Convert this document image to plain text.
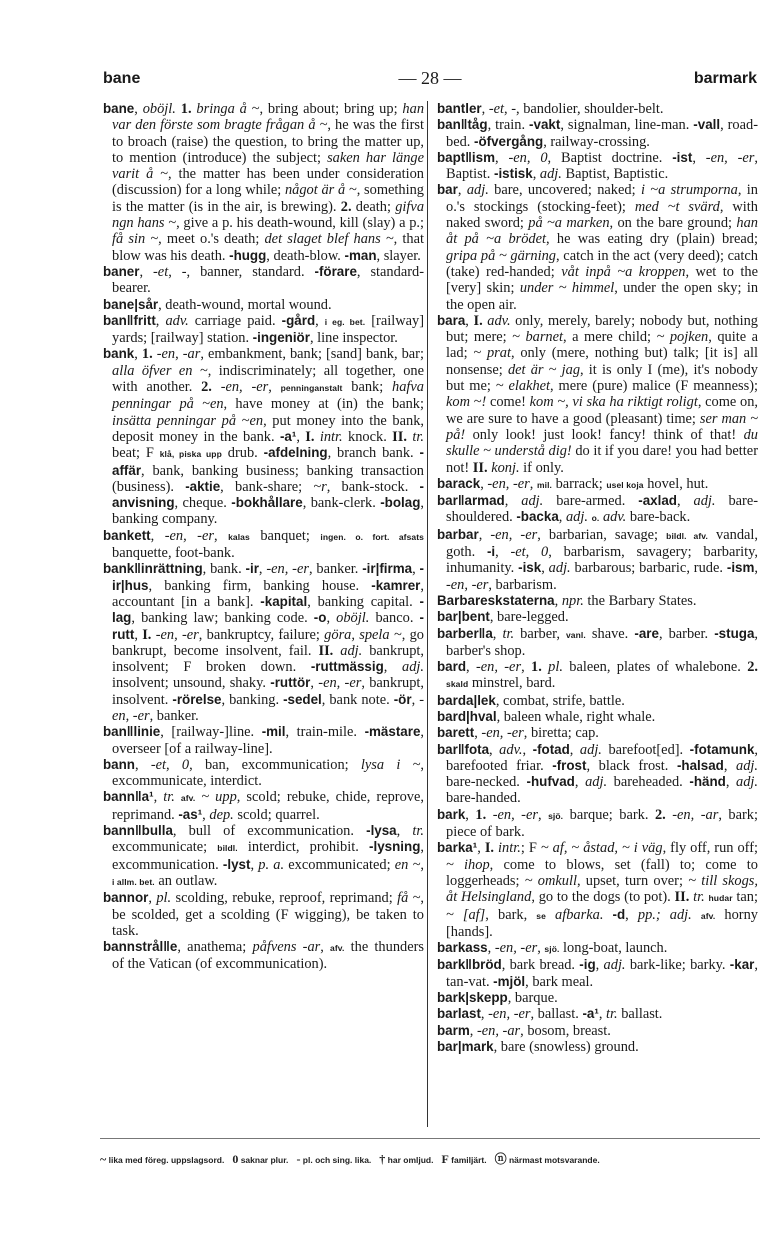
bane	— 28 —	barmark

bane, oböjl. 1. bringa å ~, bring about; bring up; han var den förste som bragte frågan å ~, he was the first to broach (raise) the question, to bring the matter up, to mention (introduce) the subject; saken har länge varit å ~, the matter has been under consideration (discussion) for a long while; något är å ~, something is the matter (is in the air, is brewing). 2. death; gifva ngn hans ~, give a p. his death-wound, kill (slay) a p.; få sin ~, meet o.'s death; det slaget blef hans ~, that blow was his death. -hugg, death-blow. -man, slayer.

baner, -et, -, banner, standard. -förare, standard-bearer.

bane|sår, death-wound, mortal wound.

ban‖fritt, adv. carriage paid. -gård, i eg. bet. [railway] yards; [railway] station. -ingeniör, line inspector.

bank, 1. -en, -ar, embankment, bank; [sand] bank, bar; alla öfver en ~, indiscriminately; all together, one with another. 2. -en, -er, penninganstalt bank; hafva penningar på ~en, have money at (in) the bank; insätta penningar på ~en, put money into the bank, deposit money in the bank. -a¹, I. intr. knock. II. tr. beat; F klå, piska upp drub. -afdelning, branch bank. -affär, bank, banking business; banking transaction (business). -aktie, bank-share; ~r, bank-stock. -anvisning, cheque. -bokhållare, bank-clerk. -bolag, banking company.

bankett, -en, -er, kalas banquet; ingen. o. fort. afsats banquette, foot-bank.

bank‖inrättning, bank. -ir, -en, -er, banker. -ir|firma, -ir|hus, banking firm, banking house. -kamrer, accountant [in a bank]. -kapital, banking capital. -lag, banking law; banking code. -o, oböjl. banco. -rutt, I. -en, -er, bankruptcy, failure; göra, spela ~, go bankrupt, become insolvent, fail. II. adj. bankrupt, insolvent; F broken down. -ruttmässig, adj. insolvent; unsound, shaky. -ruttör, -en, -er, bankrupt, insolvent. -rörelse, banking. -sedel, bank note. -ör, -en, -er, banker.

ban‖linie, [railway-]line. -mil, train-mile. -mästare, overseer [of a railway-line].

bann, -et, 0, ban, excommunication; lysa i ~, excommunicate, interdict.

bann‖a¹, tr. afv. ~ upp, scold; rebuke, chide, reprove, reprimand. -as¹, dep. scold; quarrel.

bann‖bulla, bull of excommunication. -lysa, tr. excommunicate; bildl. interdict, prohibit. -lysning, excommunication. -lyst, p. a. excommunicated; en ~, i allm. bet. an outlaw.

bannor, pl. scolding, rebuke, reproof, reprimand; få ~, be scolded, get a scolding (F wigging), be taken to task.

bannstrål‖e, anathema; påfvens -ar, afv. the thunders of the Vatican (of excommunication).

bantler, -et, -, bandolier, shoulder-belt.

ban‖tåg, train. -vakt, signalman, line-man. -vall, road-bed. -öfvergång, railway-crossing.

bapt‖ism, -en, 0, Baptist doctrine. -ist, -en, -er, Baptist. -istisk, adj. Baptist, Baptistic.

bar, adj. bare, uncovered; naked; i ~a strumporna, in o.'s stockings (stocking-feet); med ~t svärd, with naked sword; på ~a marken, on the bare ground; han åt på ~a brödet, he was eating dry (plain) bread; gripa på ~ gärning, catch in the act (very deed); catch (take) red-handed; våt inpå ~a kroppen, wet to the [very] skin; under ~ himmel, under the open sky; in the open air.

bara, I. adv. only, merely, barely; nobody but, nothing but; mere; ~ barnet, a mere child; ~ pojken, quite a lad; ~ prat, only (mere, nothing but) talk; [it is] all nonsense; det är ~ jag, it is only I (me), it's nobody but me; ~ elakhet, mere (pure) malice (F meanness); kom ~! come! kom ~, vi ska ha riktigt roligt, come on, we are sure to have a good (pleasant) time; ser man ~ på! only look! just look! fancy! think of that! du skulle ~ understå dig! do it if you dare! you had better not! II. konj. if only.

barack, -en, -er, mil. barrack; usel koja hovel, hut.

bar‖armad, adj. bare-armed. -axlad, adj. bare-shouldered. -backa, adj. o. adv. bare-back.

barbar, -en, -er, barbarian, savage; bildl. afv. vandal, goth. -i, -et, 0, barbarism, savagery; barbarity, inhumanity. -isk, adj. barbarous; barbaric, rude. -ism, -en, -er, barbarism.

Barbareskstaterna, npr. the Barbary States.

bar|bent, bare-legged.

barber‖a, tr. barber, vanl. shave. -are, barber. -stuga, barber's shop.

bard, -en, -er, 1. pl. baleen, plates of whalebone. 2. skald minstrel, bard.

barda|lek, combat, strife, battle.

bard|hval, baleen whale, right whale.

barett, -en, -er, biretta; cap.

bar‖fota, adv., -fotad, adj. barefoot[ed]. -fotamunk, barefooted friar. -frost, black frost. -halsad, adj. bare-necked. -hufvad, adj. bareheaded. -händ, adj. bare-handed.

bark, 1. -en, -er, sjö. barque; bark. 2. -en, -ar, bark; piece of bark.

barka¹, I. intr.; F ~ af, ~ åstad, ~ i väg, fly off, run off; ~ ihop, come to blows, set (fall) to; come to loggerheads; ~ omkull, upset, turn over; ~ till skogs, åt Helsingland, go to the dogs (to pot). II. tr. hudar tan; ~ [af], bark, se afbarka. -d, pp.; adj. afv. horny [hands].

barkass, -en, -er, sjö. long-boat, launch.

bark‖bröd, bark bread. -ig, adj. bark-like; barky. -kar, tan-vat. -mjöl, bark meal.

bark|skepp, barque.

barlast, -en, -er, ballast. -a¹, tr. ballast.

barm, -en, -ar, bosom, breast.

bar|mark, bare (snowless) ground.

~ lika med föreg. uppslagsord. 0 saknar plur. - pl. och sing. lika. † har omljud. F familjärt. ⓝ närmast motsvarande.
